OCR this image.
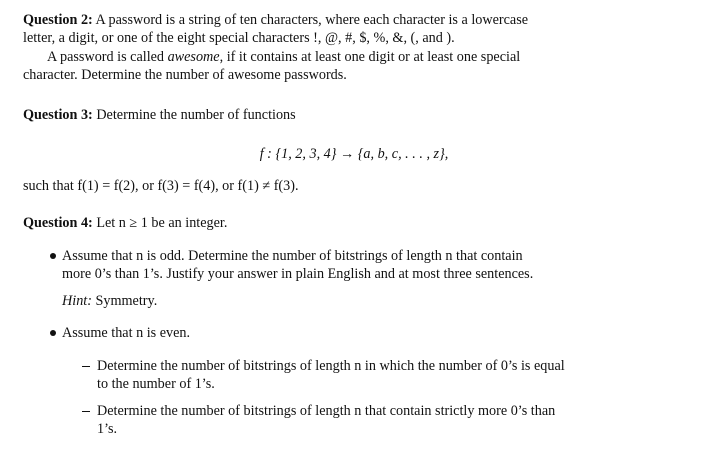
Question 2: A password is a string of ten characters, where each character is a lowercase
letter, a digit, or one of the eight special characters !, @, #, $, %, &, (, and ).
A password is called awesome, if it contains at least one digit or at least one special
character. Determine the number of awesome passwords.
Question 3: Determine the number of functions
f : {1, 2, 3, 4} → {a, b, c, . . . , z},
such that f(1) = f(2), or f(3) = f(4), or f(1) ≠ f(3).
Question 4: Let n ≥ 1 be an integer.
Assume that n is odd. Determine the number of bitstrings of length n that contain
more 0’s than 1’s. Justify your answer in plain English and at most three sentences.
Hint: Symmetry.
Assume that n is even.
Determine the number of bitstrings of length n in which the number of 0’s is equal
to the number of 1’s.
Determine the number of bitstrings of length n that contain strictly more 0’s than
1’s.
